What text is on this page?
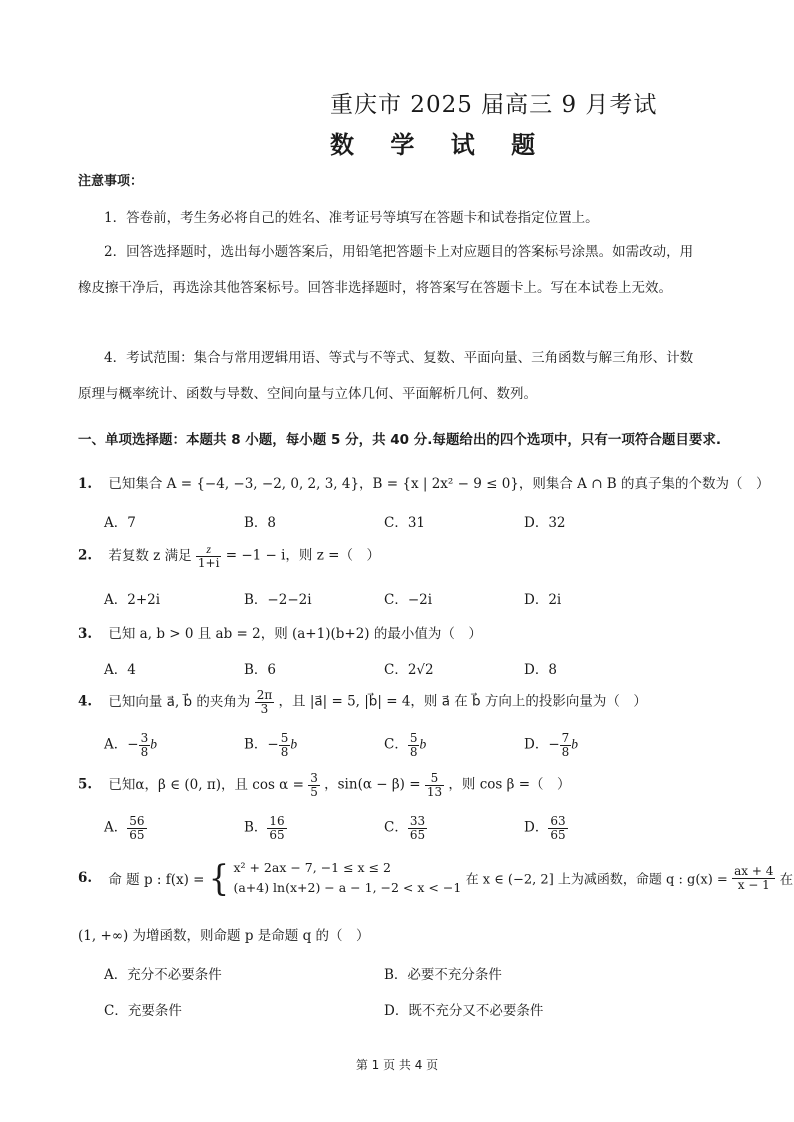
重庆市 2025 届高三 9 月考试
数 学 试 题
注意事项：
1．答卷前，考生务必将自己的姓名、准考证号等填写在答题卡和试卷指定位置上。
2．回答选择题时，选出每小题答案后，用铅笔把答题卡上对应题目的答案标号涂黑。如需改动，用
橡皮擦干净后，再选涂其他答案标号。回答非选择题时，将答案写在答题卡上。写在本试卷上无效。
4．考试范围：集合与常用逻辑用语、等式与不等式、复数、平面向量、三角函数与解三角形、计数
原理与概率统计、函数与导数、空间向量与立体几何、平面解析几何、数列。
一、单项选择题：本题共 8 小题，每小题 5 分，共 40 分.每题给出的四个选项中，只有一项符合题目要求.
1. 已知集合 A = {−4, −3, −2, 0, 2, 3, 4}，B = {x | 2x² − 9 ≤ 0}，则集合 A ∩ B 的真子集的个数为（　）
A．7	B．8	C．31	D．32
2. 若复数 z 满足 $\frac{z}{1+i} = -1 - i$，则 z =（　）
A．2+2i	B．−2−2i	C．−2i	D．2i
3. 已知 a, b > 0 且 ab = 2，则 (a+1)(b+2) 的最小值为（　）
A．4	B．6	C．2√2	D．8
4. 已知向量 a⃗, b⃗ 的夹角为 $\frac{2\pi}{3}$ ，且 |a⃗| = 5, |b⃗| = 4，则 a⃗ 在 b⃗ 方向上的投影向量为（　）
A．− $\frac{3}{8}$ b⃗	B．− $\frac{5}{8}$ b⃗	C． $\frac{5}{8}$ b⃗	D．− $\frac{7}{8}$ b⃗
5. 已知α，β ∈ (0, π)，且 $\cos \alpha = \frac{3}{5}$ ，$\sin(\alpha - \beta) = \frac{5}{13}$ ，则 cos β =（　）
A． $\frac{56}{65}$	B． $\frac{16}{65}$	C． $\frac{33}{65}$	D． $\frac{63}{65}$
6. 命 题 p : f(x) = { x² + 2ax − 7, −1 ≤ x ≤ 2
(a+4) ln(x+2) − a − 1, −2 < x < −1 在 x ∈ (−2, 2] 上为减函数，命题 q : $g(x) = \frac{ax + 4}{x - 1}$ 在
(1, +∞) 为增函数，则命题 p 是命题 q 的（　）
A．充分不必要条件	B．必要不充分条件
C．充要条件	D．既不充分又不必要条件
第 1 页 共 4 页
